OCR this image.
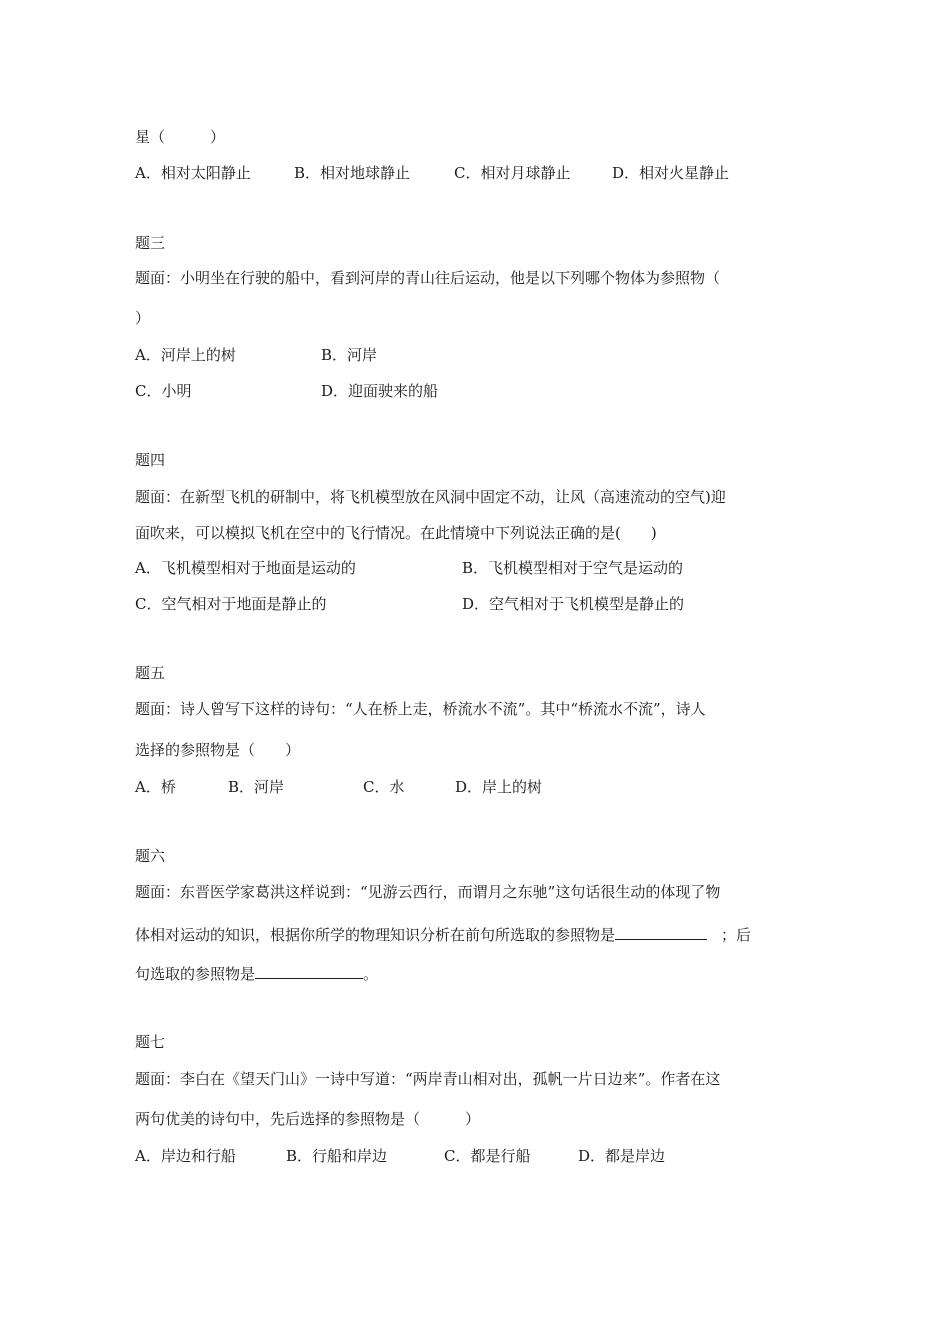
星（　　　）
A．相对太阳静止	B．相对地球静止	C．相对月球静止	D．相对火星静止
题三
题面：小明坐在行驶的船中，看到河岸的青山往后运动，他是以下列哪个物体为参照物（
）
A．河岸上的树	B．河岸
C．小明	D．迎面驶来的船
题四
题面：在新型飞机的研制中，将飞机模型放在风洞中固定不动，让风（高速流动的空气)迎
面吹来，可以模拟飞机在空中的飞行情况。在此情境中下列说法正确的是(　　)
A．飞机模型相对于地面是运动的	B．飞机模型相对于空气是运动的
C．空气相对于地面是静止的	D．空气相对于飞机模型是静止的
题五
题面：诗人曾写下这样的诗句：“人在桥上走，桥流水不流”。其中“桥流水不流”，诗人
选择的参照物是（　　）
A．桥	B．河岸	C．水	D．岸上的树
题六
题面：东晋医学家葛洪这样说到：“见游云西行，而谓月之东驰”这句话很生动的体现了物
体相对运动的知识，根据你所学的物理知识分析在前句所选取的参照物是	；后
句选取的参照物是	。
题七
题面：李白在《望天门山》一诗中写道：“两岸青山相对出，孤帆一片日边来”。作者在这
两句优美的诗句中，先后选择的参照物是（　　　）
A．岸边和行船	B．行船和岸边	C．都是行船	D．都是岸边
